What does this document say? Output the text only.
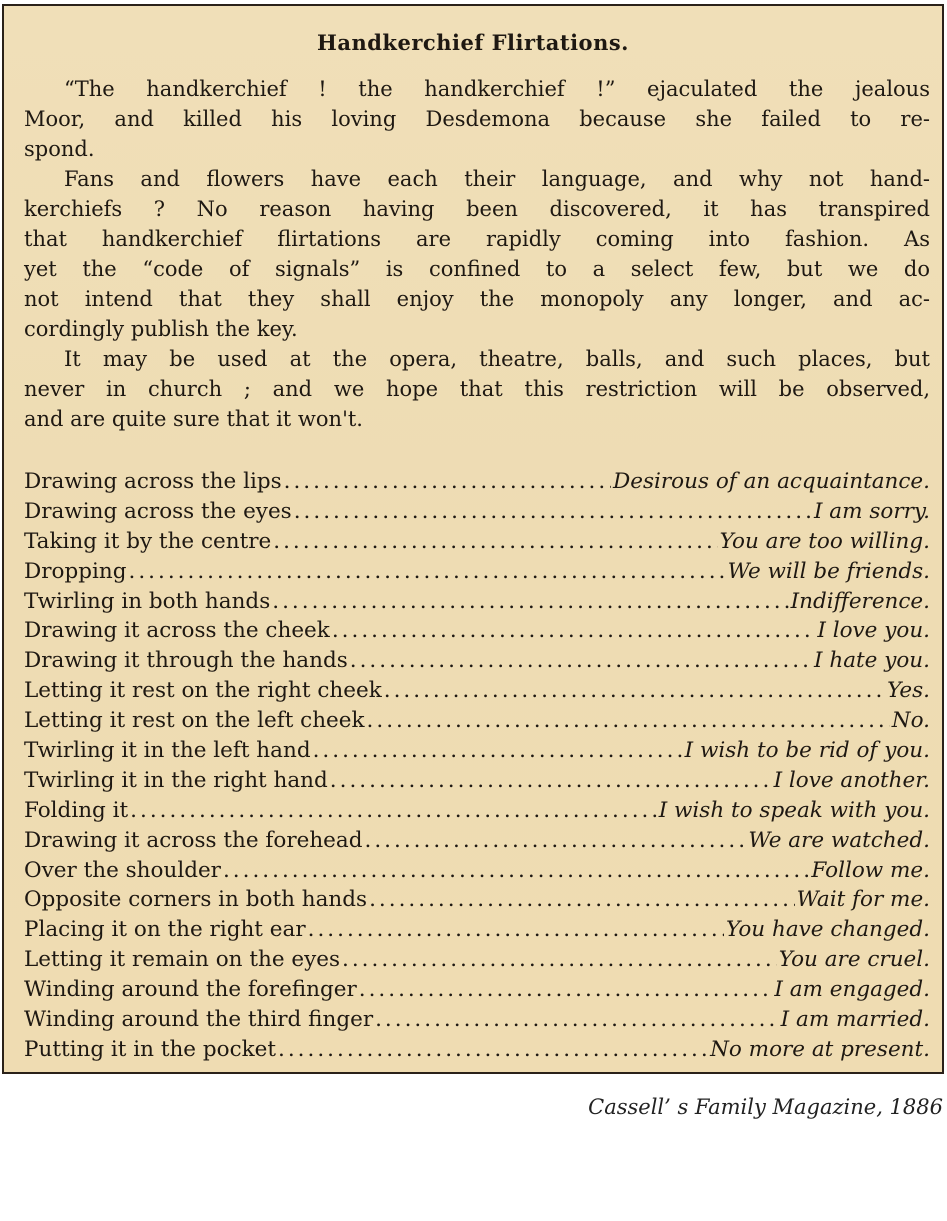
Handkerchief Flirtations.
“The handkerchief ! the handkerchief !” ejaculated the jealous
Moor, and killed his loving Desdemona because she failed to re-
spond.
Fans and flowers have each their language, and why not hand-
kerchiefs ? No reason having been discovered, it has transpired
that handkerchief flirtations are rapidly coming into fashion. As
yet the “code of signals” is confined to a select few, but we do
not intend that they shall enjoy the monopoly any longer, and ac-
cordingly publish the key.
It may be used at the opera, theatre, balls, and such places, but
never in church ; and we hope that this restriction will be observed,
and are quite sure that it won't.
Drawing across the lips .....	Desirous of an acquaintance.
Drawing across the eyes .....	I am sorry.
Taking it by the centre .....	You are too willing.
Dropping .....	We will be friends.
Twirling in both hands .....	Indifference.
Drawing it across the cheek .....	I love you.
Drawing it through the hands .....	I hate you.
Letting it rest on the right cheek .....	Yes.
Letting it rest on the left cheek .....	No.
Twirling it in the left hand .....	I wish to be rid of you.
Twirling it in the right hand .....	I love another.
Folding it .....	I wish to speak with you.
Drawing it across the forehead .....	We are watched.
Over the shoulder .....	Follow me.
Opposite corners in both hands .....	Wait for me.
Placing it on the right ear .....	You have changed.
Letting it remain on the eyes .....	You are cruel.
Winding around the forefinger .....	I am engaged.
Winding around the third finger .....	I am married.
Putting it in the pocket .....	No more at present.
Cassell’ s Family Magazine, 1886
